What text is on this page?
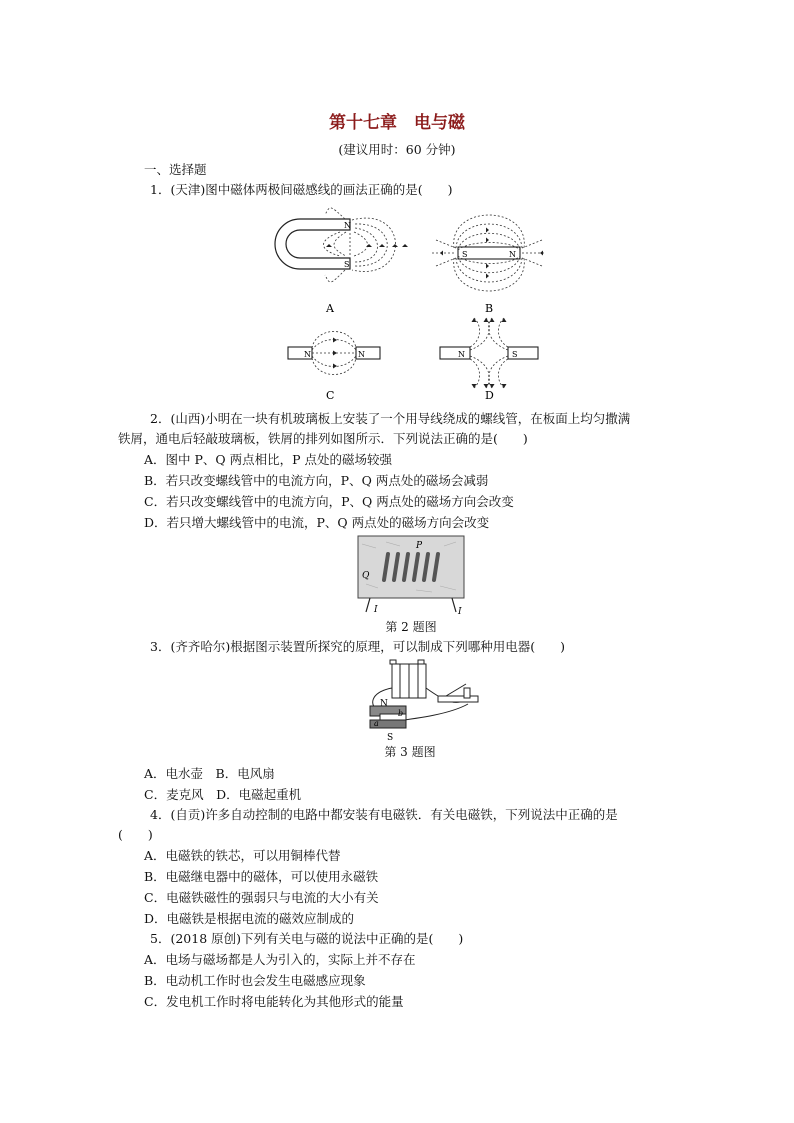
第十七章　电与磁
(建议用时：60 分钟)
一、选择题
1．(天津)图中磁体两极间磁感线的画法正确的是(　　)
N
S
A
S	N
B
N	N
C
N	S
D
2．(山西)小明在一块有机玻璃板上安装了一个用导线绕成的螺线管，在板面上均匀撒满
铁屑，通电后轻敲玻璃板，铁屑的排列如图所示．下列说法正确的是(　　)
A．图中 P、Q 两点相比，P 点处的磁场较强
B．若只改变螺线管中的电流方向，P、Q 两点处的磁场会减弱
C．若只改变螺线管中的电流方向，P、Q 两点处的磁场方向会改变
D．若只增大螺线管中的电流，P、Q 两点处的磁场方向会改变
P
Q
I	I
第 2 题图
3．(齐齐哈尔)根据图示装置所探究的原理，可以制成下列哪种用电器(　　)
N
b
a
S
第 3 题图
A．电水壶　B．电风扇
C．麦克风　D．电磁起重机
4．(自贡)许多自动控制的电路中都安装有电磁铁．有关电磁铁，下列说法中正确的是
(　　)
A．电磁铁的铁芯，可以用铜棒代替
B．电磁继电器中的磁体，可以使用永磁铁
C．电磁铁磁性的强弱只与电流的大小有关
D．电磁铁是根据电流的磁效应制成的
5．(2018 原创)下列有关电与磁的说法中正确的是(　　)
A．电场与磁场都是人为引入的，实际上并不存在
B．电动机工作时也会发生电磁感应现象
C．发电机工作时将电能转化为其他形式的能量
